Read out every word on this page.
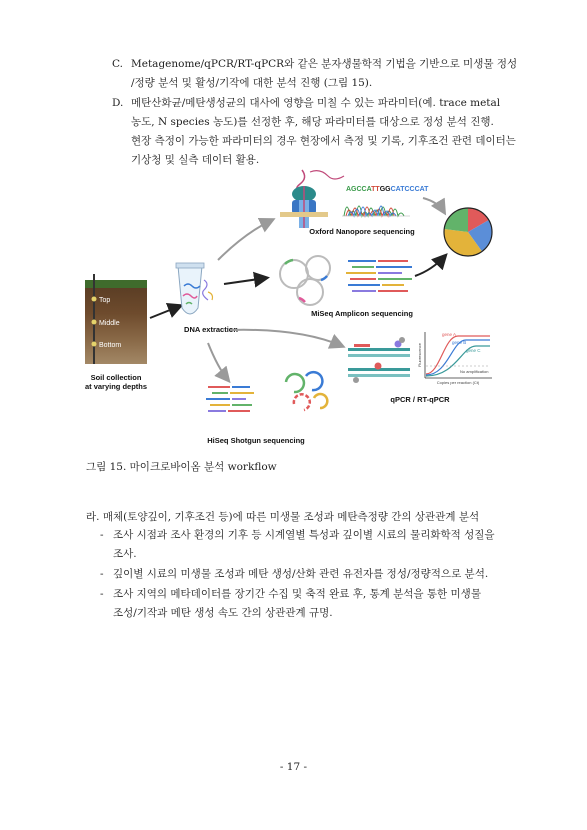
C. Metagenome/qPCR/RT-qPCR와 같은 분자생물학적 기법을 기반으로 미생물 정성
/정량 분석 및 활성/기작에 대한 분석 진행 (그림 15).
D. 메탄산화균/메탄생성균의 대사에 영향을 미칠 수 있는 파라미터(예. trace metal
농도, N species 농도)를 선정한 후, 해당 파라미터를 대상으로 정성 분석 진행.
현장 측정이 가능한 파라미터의 경우 현장에서 측정 및 기록, 기후조건 관련 데이터는
기상청 및 실측 데이터 활용.
Top
Middle
Bottom
Soil collection
at varying depths
DNA extraction
AGCCATTGGCATCCCAT
Oxford Nanopore sequencing
MiSeq Amplicon sequencing
gene A
gene B
gene C
No amplification
Copies per reaction (Ct)
Fluorescence
qPCR / RT-qPCR
HiSeq Shotgun sequencing
그림 15. 마이크로바이옴 분석 workflow
라. 매체(토양깊이, 기후조건 등)에 따른 미생물 조성과 메탄측정량 간의 상관관계 분석
- 조사 시점과 조사 환경의 기후 등 시계열별 특성과 깊이별 시료의 물리화학적 성질을
조사.
- 깊이별 시료의 미생물 조성과 메탄 생성/산화 관련 유전자를 정성/정량적으로 분석.
- 조사 지역의 메타데이터를 장기간 수집 및 축적 완료 후, 통계 분석을 통한 미생물
조성/기작과 메탄 생성 속도 간의 상관관계 규명.
- 17 -
